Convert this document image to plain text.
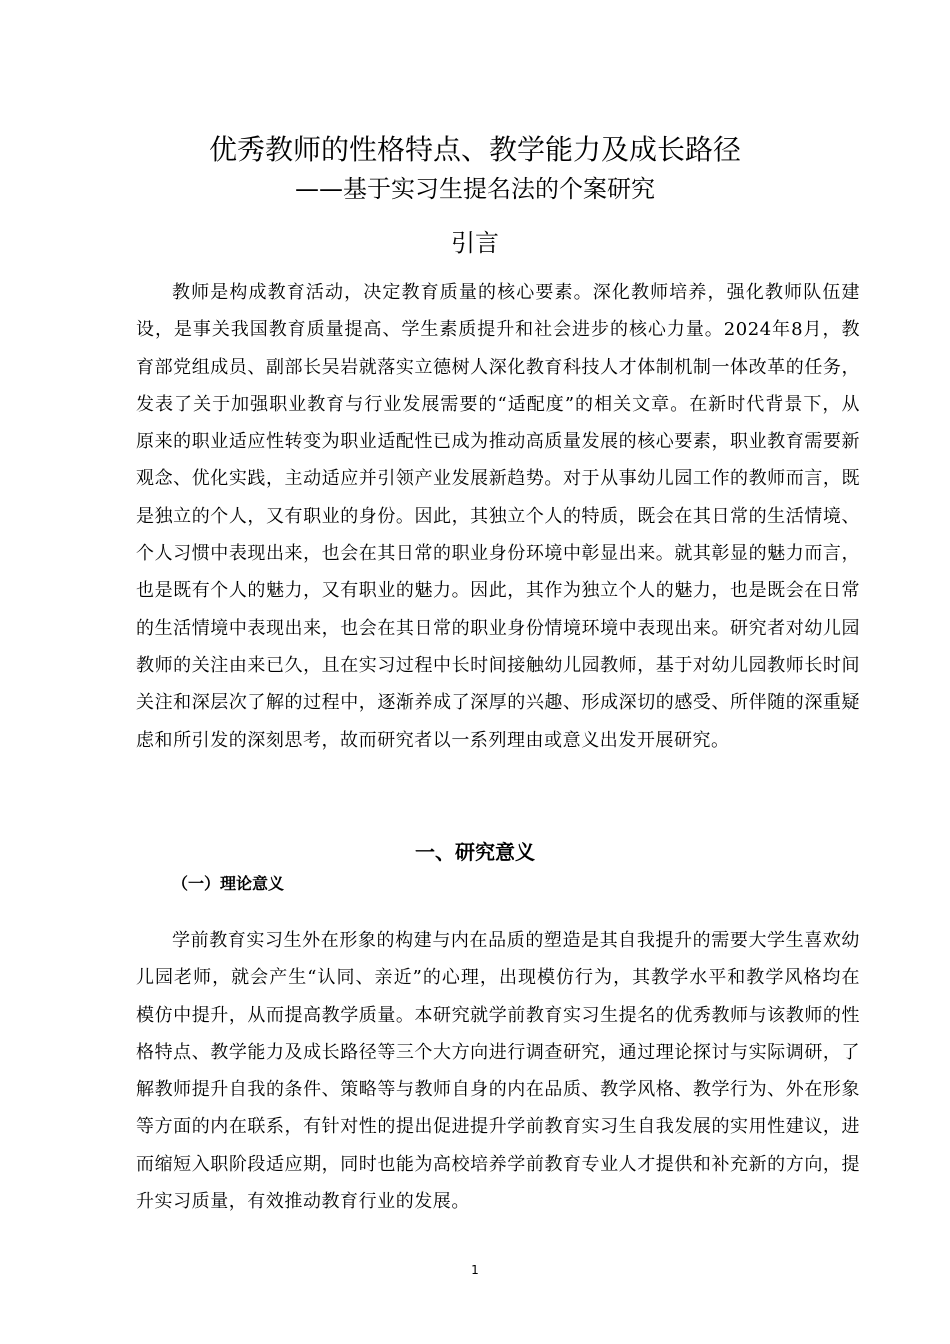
优秀教师的性格特点、教学能力及成长路径
——基于实习生提名法的个案研究
引言

教师是构成教育活动，决定教育质量的核心要素。深化教师培养，强化教师队伍建设，是事关我国教育质量提高、学生素质提升和社会进步的核心力量。2024年8月，教育部党组成员、副部长吴岩就落实立德树人深化教育科技人才体制机制一体改革的任务，发表了关于加强职业教育与行业发展需要的“适配度”的相关文章。在新时代背景下，从原来的职业适应性转变为职业适配性已成为推动高质量发展的核心要素，职业教育需要新观念、优化实践，主动适应并引领产业发展新趋势。对于从事幼儿园工作的教师而言，既是独立的个人，又有职业的身份。因此，其独立个人的特质，既会在其日常的生活情境、个人习惯中表现出来，也会在其日常的职业身份环境中彰显出来。就其彰显的魅力而言，也是既有个人的魅力，又有职业的魅力。因此，其作为独立个人的魅力，也是既会在日常的生活情境中表现出来，也会在其日常的职业身份情境环境中表现出来。研究者对幼儿园教师的关注由来已久，且在实习过程中长时间接触幼儿园教师，基于对幼儿园教师长时间关注和深层次了解的过程中，逐渐养成了深厚的兴趣、形成深切的感受、所伴随的深重疑虑和所引发的深刻思考，故而研究者以一系列理由或意义出发开展研究。

一、研究意义
（一）理论意义

学前教育实习生外在形象的构建与内在品质的塑造是其自我提升的需要大学生喜欢幼儿园老师，就会产生“认同、亲近”的心理，出现模仿行为，其教学水平和教学风格均在模仿中提升，从而提高教学质量。本研究就学前教育实习生提名的优秀教师与该教师的性格特点、教学能力及成长路径等三个大方向进行调查研究，通过理论探讨与实际调研，了解教师提升自我的条件、策略等与教师自身的内在品质、教学风格、教学行为、外在形象等方面的内在联系，有针对性的提出促进提升学前教育实习生自我发展的实用性建议，进而缩短入职阶段适应期，同时也能为高校培养学前教育专业人才提供和补充新的方向，提升实习质量，有效推动教育行业的发展。

1
